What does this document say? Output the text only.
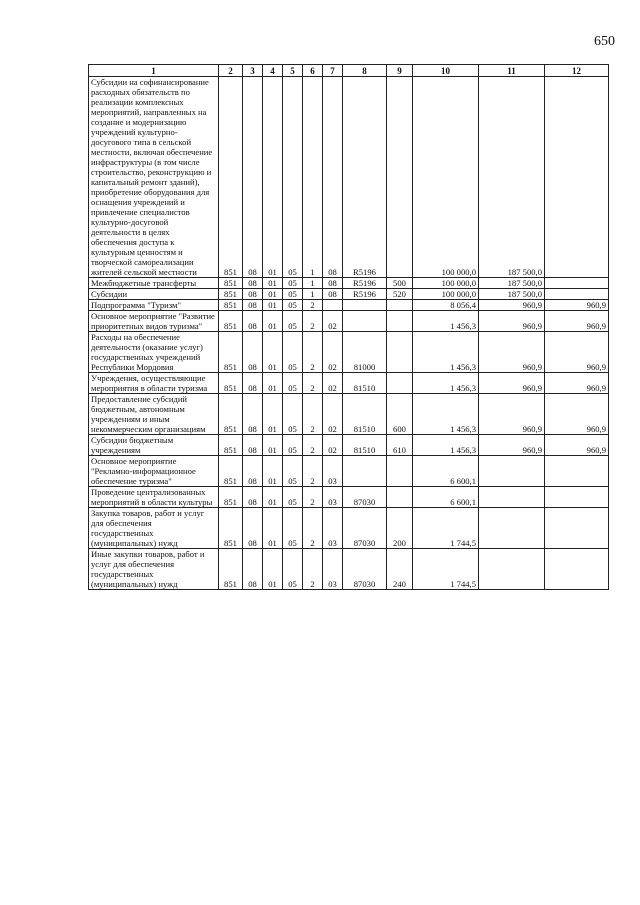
650
1	2	3	4	5	6	7	8	9	10	11	12
Субсидии на софинансирование расходных обязательств по реализации комплексных мероприятий, направленных на создание и модернизацию учреждений культурно-досугового типа в сельской местности, включая обеспечение инфраструктуры (в том числе строительство, реконструкцию и капитальный ремонт зданий), приобретение оборудования для оснащения учреждений и привлечение специалистов культурно-досуговой деятельности в целях обеспечения доступа к культурным ценностям и творческой самореализации жителей сельской местности	851	08	01	05	1	08	R5196		100 000,0	187 500,0	
Межбюджетные трансферты	851	08	01	05	1	08	R5196	500	100 000,0	187 500,0	
Субсидии	851	08	01	05	1	08	R5196	520	100 000,0	187 500,0	
Подпрограмма "Туризм"	851	08	01	05	2				8 056,4	960,9	960,9
Основное мероприятие "Развитие приоритетных видов туризма"	851	08	01	05	2	02			1 456,3	960,9	960,9
Расходы на обеспечение деятельности (оказание услуг) государственных учреждений Республики Мордовия	851	08	01	05	2	02	81000		1 456,3	960,9	960,9
Учреждения, осуществляющие мероприятия в области туризма	851	08	01	05	2	02	81510		1 456,3	960,9	960,9
Предоставление субсидий бюджетным, автономным учреждениям и иным некоммерческим организациям	851	08	01	05	2	02	81510	600	1 456,3	960,9	960,9
Субсидии бюджетным учреждениям	851	08	01	05	2	02	81510	610	1 456,3	960,9	960,9
Основное мероприятие "Рекламно-информационное обеспечение туризма"	851	08	01	05	2	03			6 600,1		
Проведение централизованных мероприятий в области культуры	851	08	01	05	2	03	87030		6 600,1		
Закупка товаров, работ и услуг для обеспечения государственных (муниципальных) нужд	851	08	01	05	2	03	87030	200	1 744,5		
Иные закупки товаров, работ и услуг для обеспечения государственных (муниципальных) нужд	851	08	01	05	2	03	87030	240	1 744,5		
